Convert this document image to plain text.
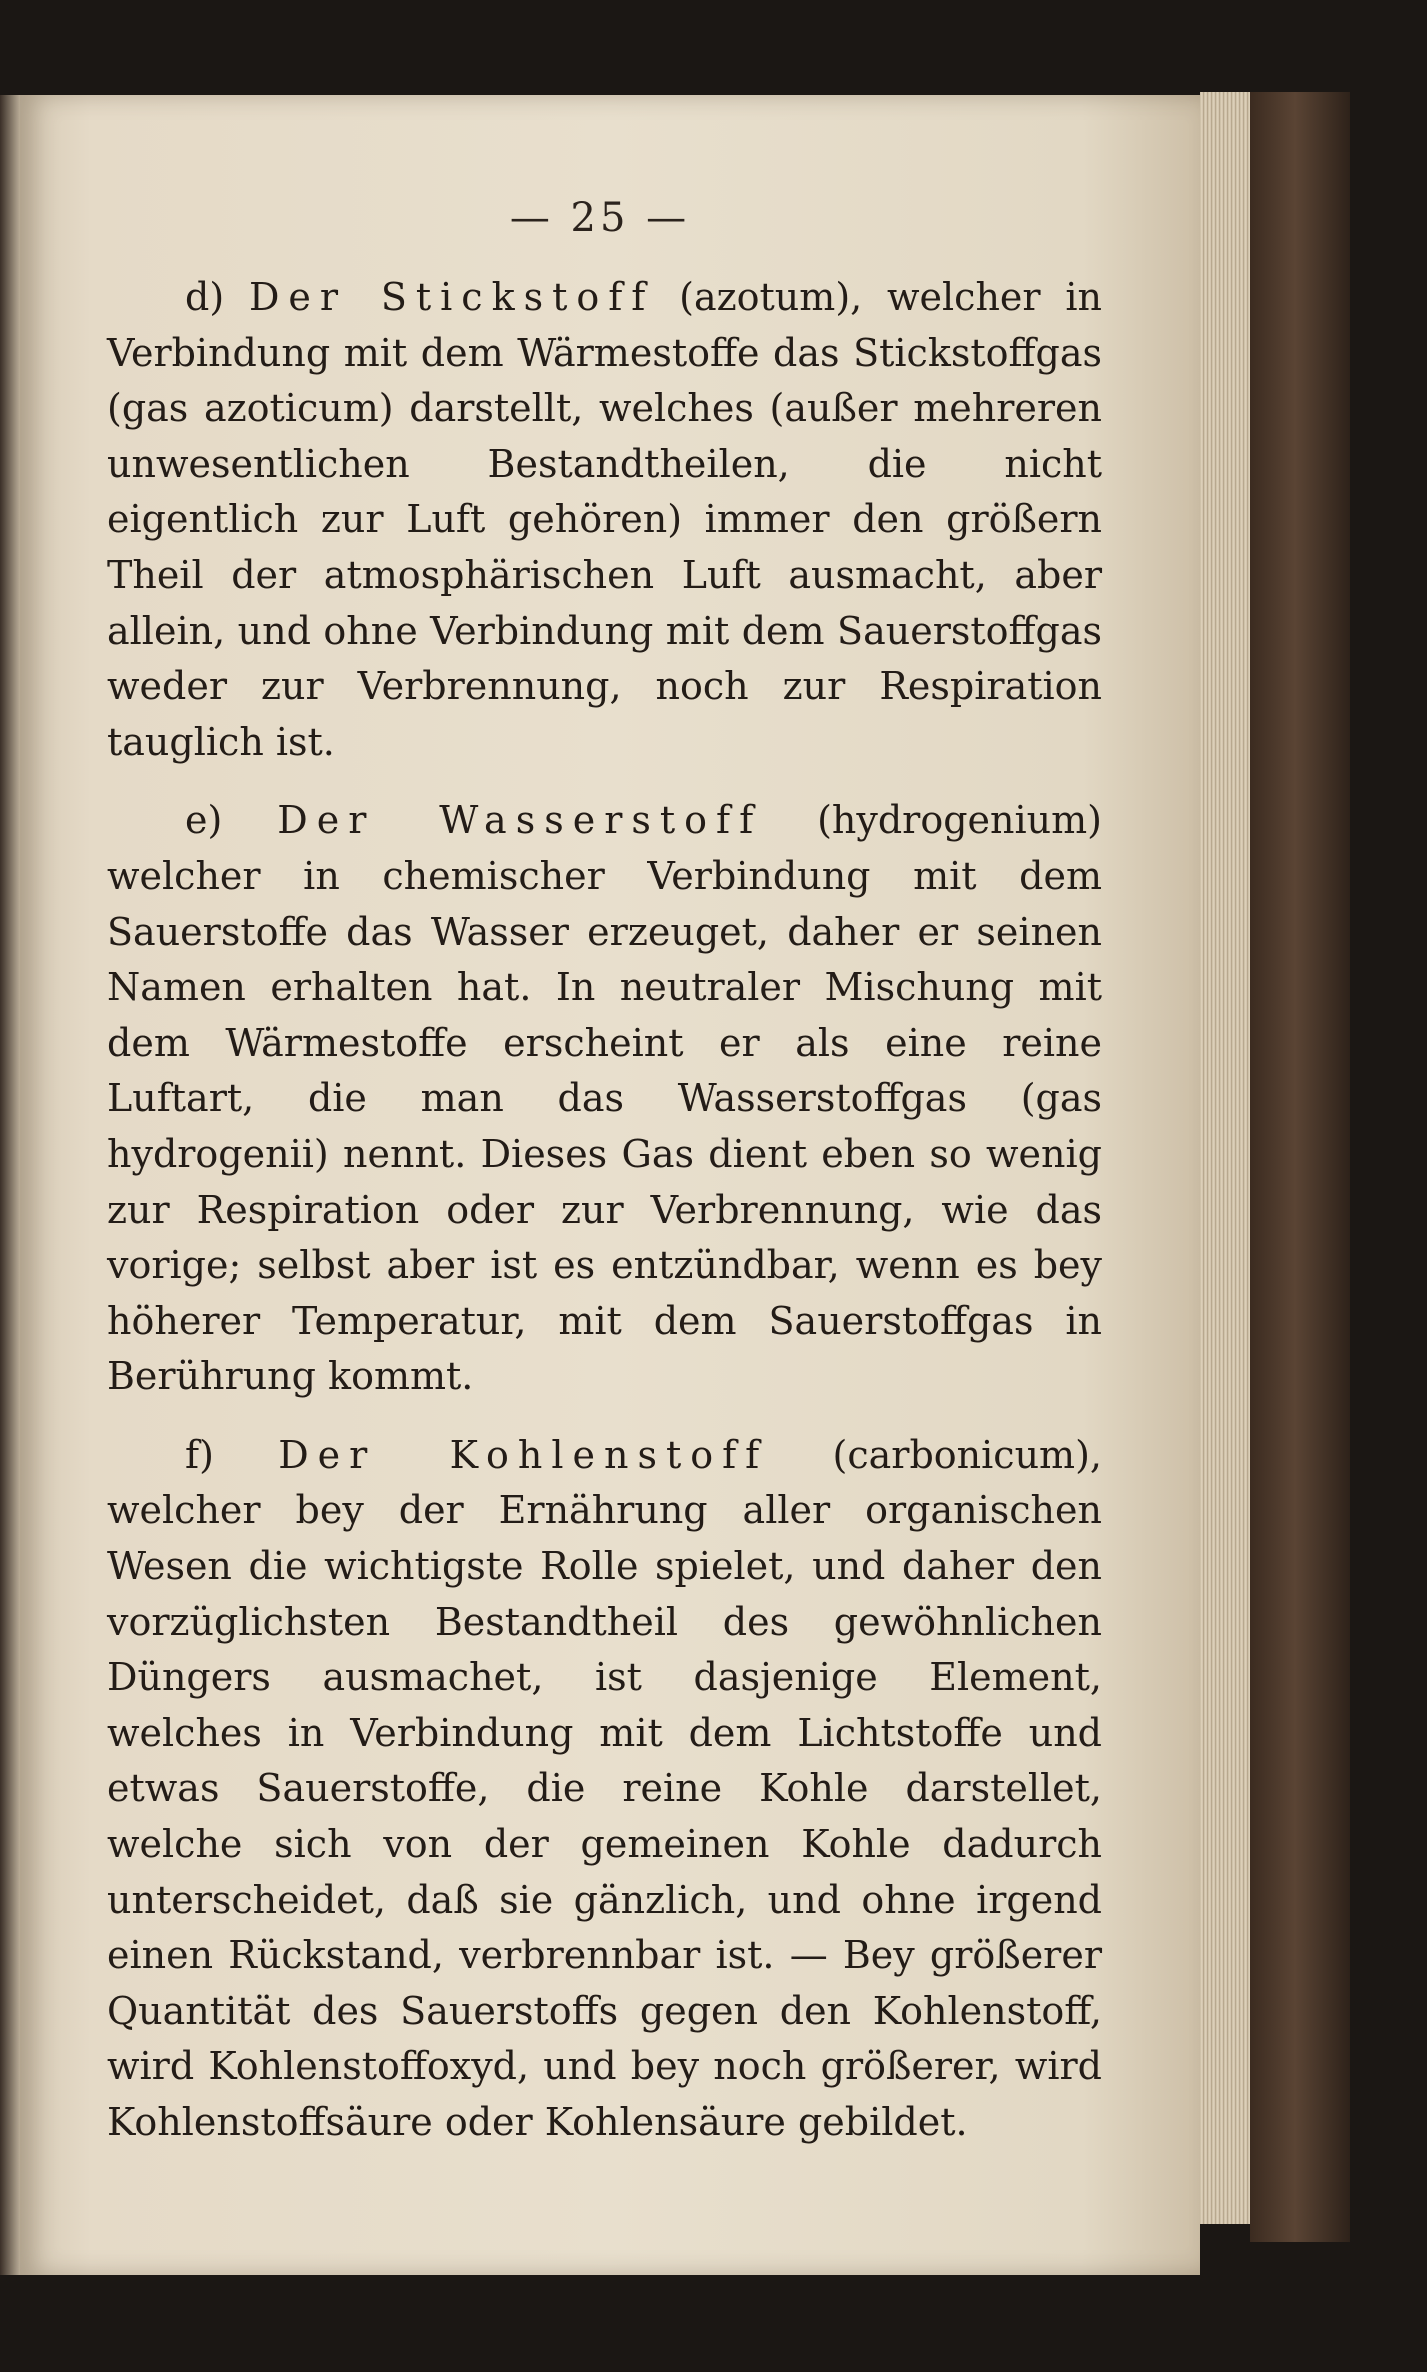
— 25 —

d) Der Stickstoff (azotum), welcher in Verbindung mit dem Wärmestoffe das Stickstoffgas (gas azoticum) darstellt, welches (außer mehreren unwesentlichen Bestandtheilen, die nicht eigentlich zur Luft gehören) immer den größern Theil der atmosphärischen Luft ausmacht, aber allein, und ohne Verbindung mit dem Sauerstoffgas weder zur Verbrennung, noch zur Respiration tauglich ist.

e) Der Wasserstoff (hydrogenium) welcher in chemischer Verbindung mit dem Sauerstoffe das Wasser erzeuget, daher er seinen Namen erhalten hat. In neutraler Mischung mit dem Wärmestoffe erscheint er als eine reine Luftart, die man das Wasserstoffgas (gas hydrogenii) nennt. Dieses Gas dient eben so wenig zur Respiration oder zur Verbrennung, wie das vorige; selbst aber ist es entzündbar, wenn es bey höherer Temperatur, mit dem Sauerstoffgas in Berührung kommt.

f) Der Kohlenstoff (carbonicum), welcher bey der Ernährung aller organischen Wesen die wichtigste Rolle spielet, und daher den vorzüglichsten Bestandtheil des gewöhnlichen Düngers ausmachet, ist dasjenige Element, welches in Verbindung mit dem Lichtstoffe und etwas Sauerstoffe, die reine Kohle darstellet, welche sich von der gemeinen Kohle dadurch unterscheidet, daß sie gänzlich, und ohne irgend einen Rückstand, verbrennbar ist. — Bey größerer Quantität des Sauerstoffs gegen den Kohlenstoff, wird Kohlenstoffoxyd, und bey noch größerer, wird Kohlenstoffsäure oder Kohlensäure gebildet.
